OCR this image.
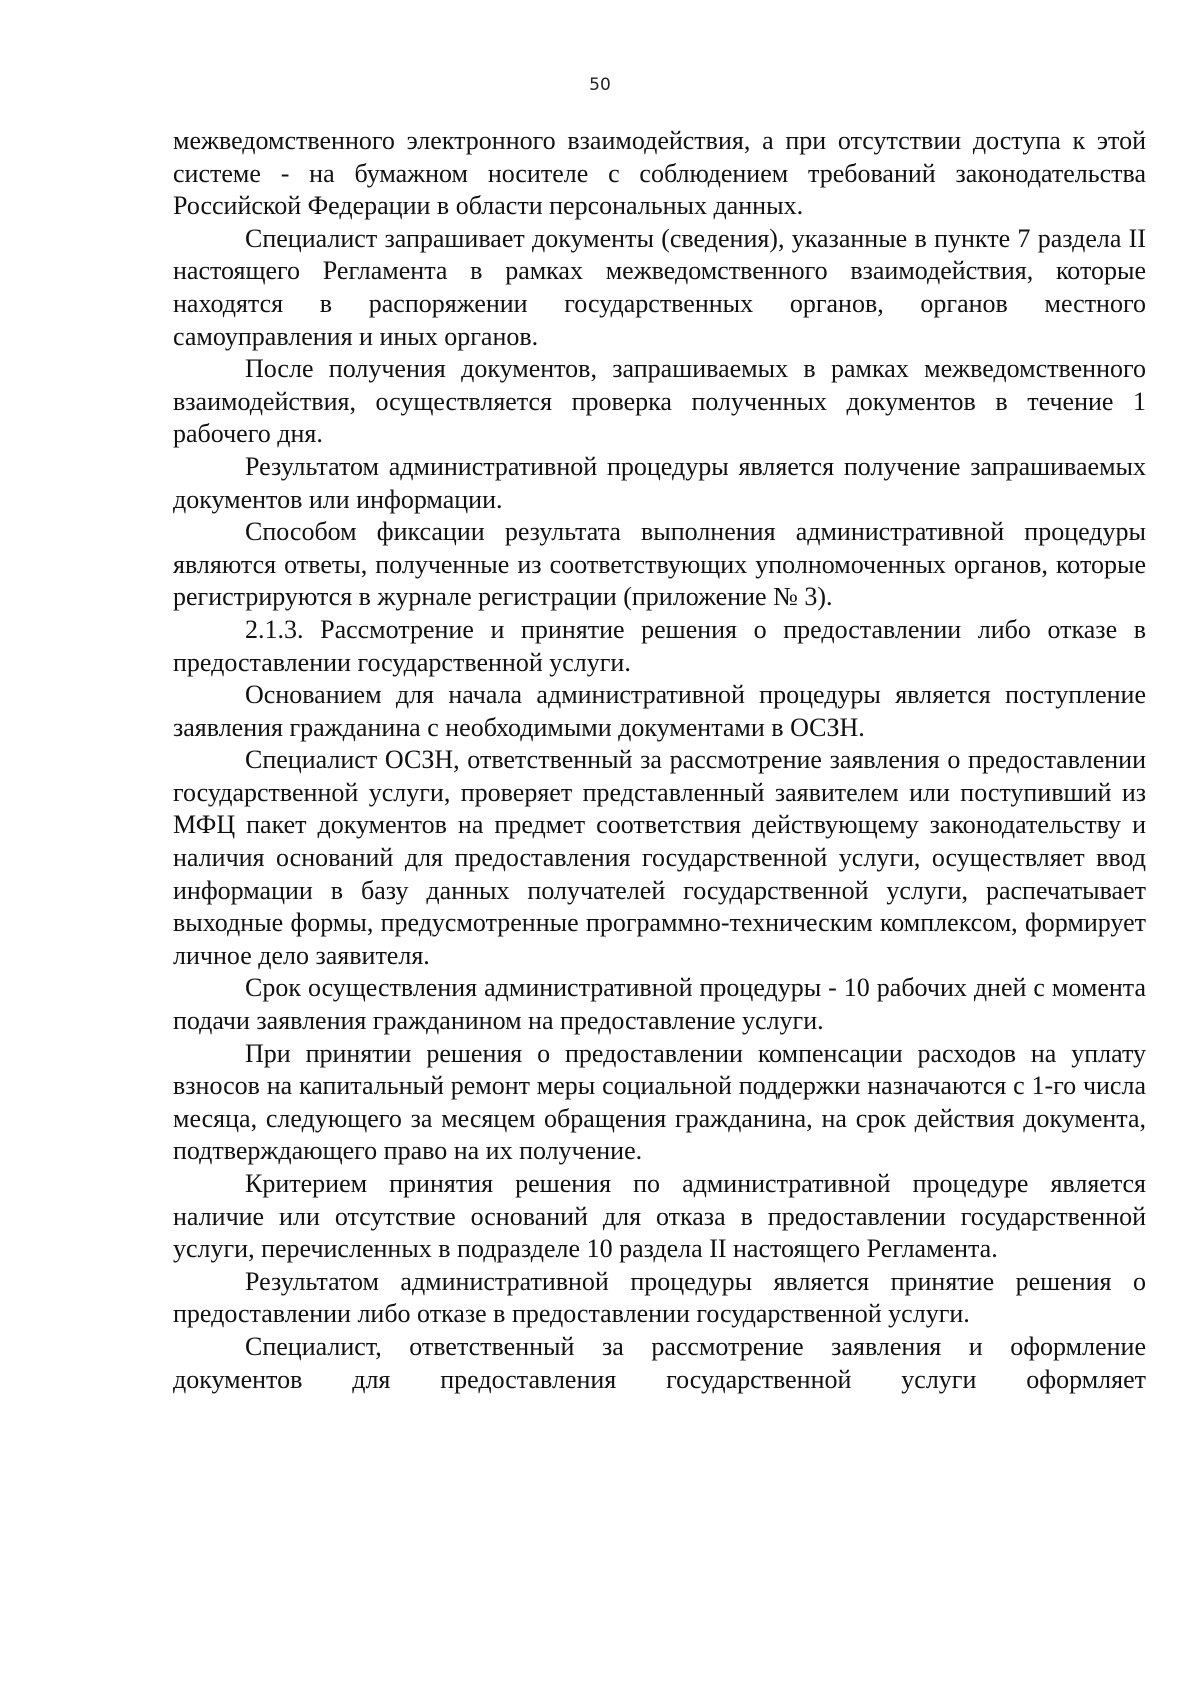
50

межведомственного электронного взаимодействия, а при отсутствии доступа к этой системе - на бумажном носителе с соблюдением требований законодательства Российской Федерации в области персональных данных.

Специалист запрашивает документы (сведения), указанные в пункте 7 раздела II настоящего Регламента в рамках межведомственного взаимодействия, которые находятся в распоряжении государственных органов, органов местного самоуправления и иных органов.

После получения документов, запрашиваемых в рамках межведомственного взаимодействия, осуществляется проверка полученных документов в течение 1 рабочего дня.

Результатом административной процедуры является получение запрашиваемых документов или информации.

Способом фиксации результата выполнения административной процедуры являются ответы, полученные из соответствующих уполномоченных органов, которые регистрируются в журнале регистрации (приложение № 3).

2.1.3. Рассмотрение и принятие решения о предоставлении либо отказе в предоставлении государственной услуги.

Основанием для начала административной процедуры является поступление заявления гражданина с необходимыми документами в ОСЗН.

Специалист ОСЗН, ответственный за рассмотрение заявления о предоставлении государственной услуги, проверяет представленный заявителем или поступивший из МФЦ пакет документов на предмет соответствия действующему законодательству и наличия оснований для предоставления государственной услуги, осуществляет ввод информации в базу данных получателей государственной услуги, распечатывает выходные формы, предусмотренные программно-техническим комплексом, формирует личное дело заявителя.

Срок осуществления административной процедуры - 10 рабочих дней с момента подачи заявления гражданином на предоставление услуги.

При принятии решения о предоставлении компенсации расходов на уплату взносов на капитальный ремонт меры социальной поддержки назначаются с 1-го числа месяца, следующего за месяцем обращения гражданина, на срок действия документа, подтверждающего право на их получение.

Критерием принятия решения по административной процедуре является наличие или отсутствие оснований для отказа в предоставлении государственной услуги, перечисленных в подразделе 10 раздела II настоящего Регламента.

Результатом административной процедуры является принятие решения о предоставлении либо отказе в предоставлении государственной услуги.

Специалист, ответственный за рассмотрение заявления и оформление документов для предоставления государственной услуги оформляет
